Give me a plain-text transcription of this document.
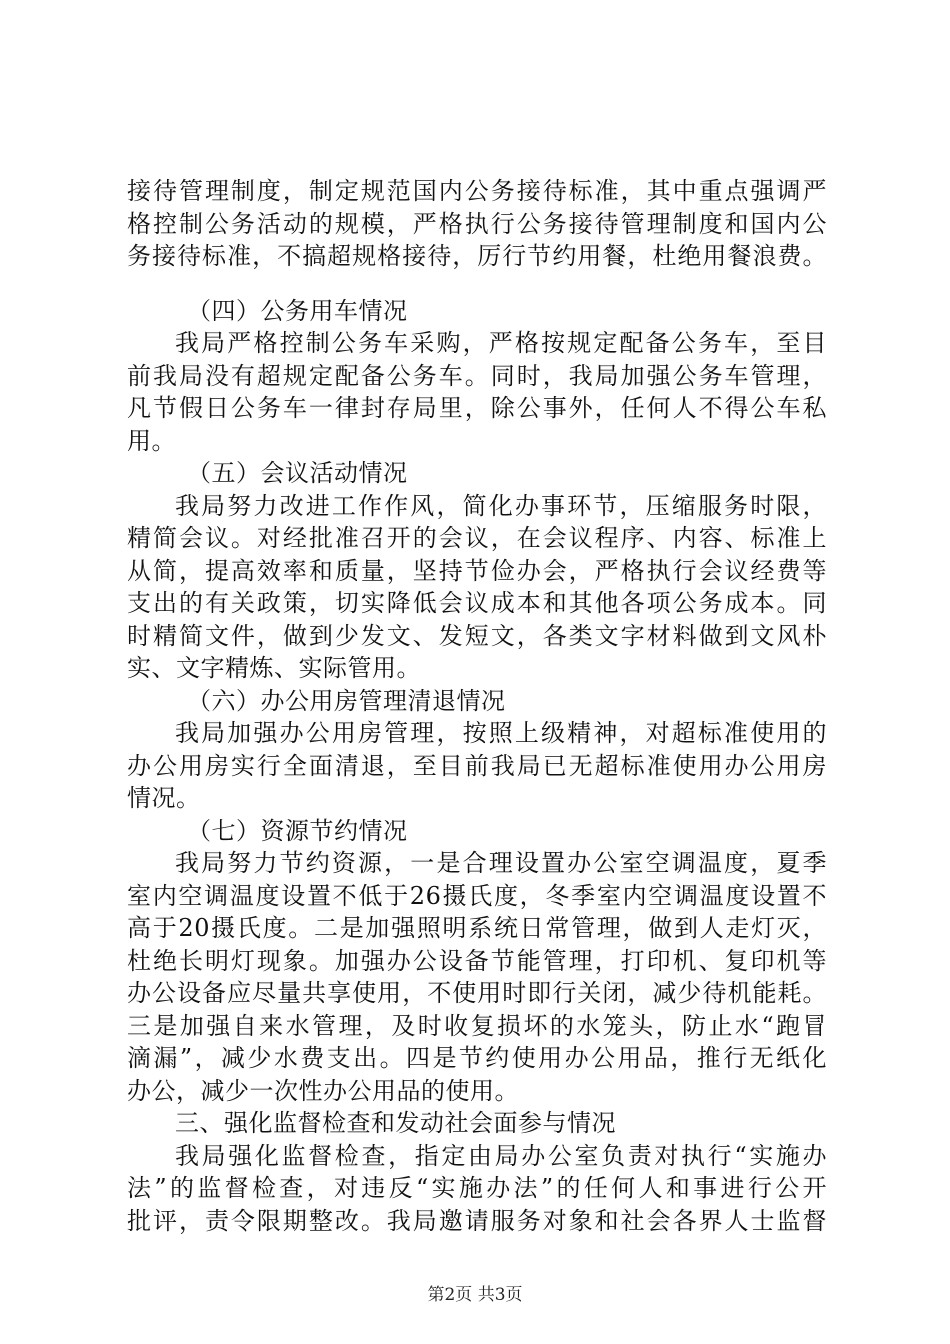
接待管理制度，制定规范国内公务接待标准，其中重点强调严
格控制公务活动的规模，严格执行公务接待管理制度和国内公
务接待标准，不搞超规格接待，厉行节约用餐，杜绝用餐浪费。
（四）公务用车情况
我局严格控制公务车采购，严格按规定配备公务车，至目
前我局没有超规定配备公务车。同时，我局加强公务车管理，
凡节假日公务车一律封存局里，除公事外，任何人不得公车私
用。
（五）会议活动情况
我局努力改进工作作风，简化办事环节，压缩服务时限，
精简会议。对经批准召开的会议，在会议程序、内容、标准上
从简，提高效率和质量，坚持节俭办会，严格执行会议经费等
支出的有关政策，切实降低会议成本和其他各项公务成本。同
时精简文件，做到少发文、发短文，各类文字材料做到文风朴
实、文字精炼、实际管用。
（六）办公用房管理清退情况
我局加强办公用房管理，按照上级精神，对超标准使用的
办公用房实行全面清退，至目前我局已无超标准使用办公用房
情况。
（七）资源节约情况
我局努力节约资源，一是合理设置办公室空调温度，夏季
室内空调温度设置不低于26摄氏度，冬季室内空调温度设置不
高于20摄氏度。二是加强照明系统日常管理，做到人走灯灭，
杜绝长明灯现象。加强办公设备节能管理，打印机、复印机等
办公设备应尽量共享使用，不使用时即行关闭，减少待机能耗。
三是加强自来水管理，及时收复损坏的水笼头，防止水“跑冒
滴漏”，减少水费支出。四是节约使用办公用品，推行无纸化
办公，减少一次性办公用品的使用。
三、强化监督检查和发动社会面参与情况
我局强化监督检查，指定由局办公室负责对执行“实施办
法”的监督检查，对违反“实施办法”的任何人和事进行公开
批评，责令限期整改。我局邀请服务对象和社会各界人士监督
第2页 共3页
